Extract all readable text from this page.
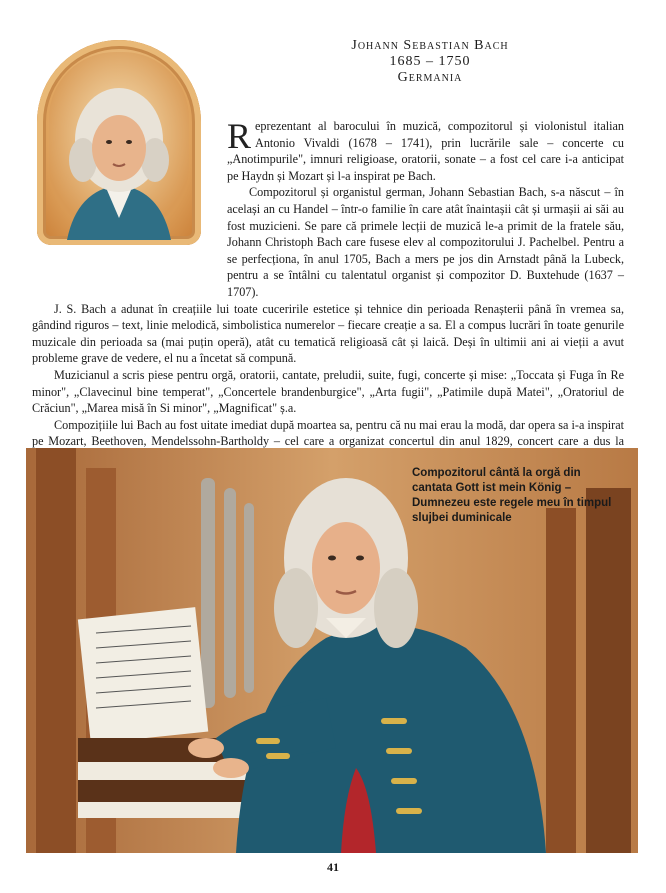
Johann Sebastian Bach
1685 – 1750
Germania

Reprezentant al barocului în muzică, compozitorul și violonistul italian Antonio Vivaldi (1678 – 1741), prin lucrările sale – concerte cu „Anotimpurile", imnuri religioase, oratorii, sonate – a fost cel care i-a anticipat pe Haydn și Mozart și l-a inspirat pe Bach.

Compozitorul și organistul german, Johann Sebastian Bach, s-a născut – în același an cu Handel – într-o familie în care atât înaintașii cât și urmașii ai săi au fost muzicieni. Se pare că primele lecții de muzică le-a primit de la fratele său, Johann Christoph Bach care fusese elev al compozitorului J. Pachelbel. Pentru a se perfecționa, în anul 1705, Bach a mers pe jos din Arnstadt până la Lubeck, pentru a se întâlni cu talentatul organist și compozitor D. Buxtehude (1637 – 1707).

J. S. Bach a adunat în creațiile lui toate cuceririle estetice și tehnice din perioada Renașterii până în vremea sa, gândind riguros – text, linie melodică, simbolistica numerelor – fiecare creație a sa. El a compus lucrări în toate genurile muzicale din perioada sa (mai puțin operă), atât cu tematică religioasă cât și laică. Deși în ultimii ani ai vieții a avut probleme grave de vedere, el nu a încetat să compună.

Muzicianul a scris piese pentru orgă, oratorii, cantate, preludii, suite, fugi, concerte și mise: „Toccata și Fuga în Re minor", „Clavecinul bine temperat", „Concertele brandenburgice", „Arta fugii", „Patimile după Matei", „Oratoriul de Crăciun", „Marea misă în Si minor", „Magnificat" ș.a.

Compozițiile lui Bach au fost uitate imediat după moartea sa, pentru că nu mai erau la modă, dar opera sa i-a inspirat pe Mozart, Beethoven, Mendelssohn-Bartholdy – cel care a organizat concertul din anul 1829, concert care a dus la

Compozitorul cântă la orgă din cantata Gott ist mein König – Dumnezeu este regele meu în timpul slujbei duminicale
41
